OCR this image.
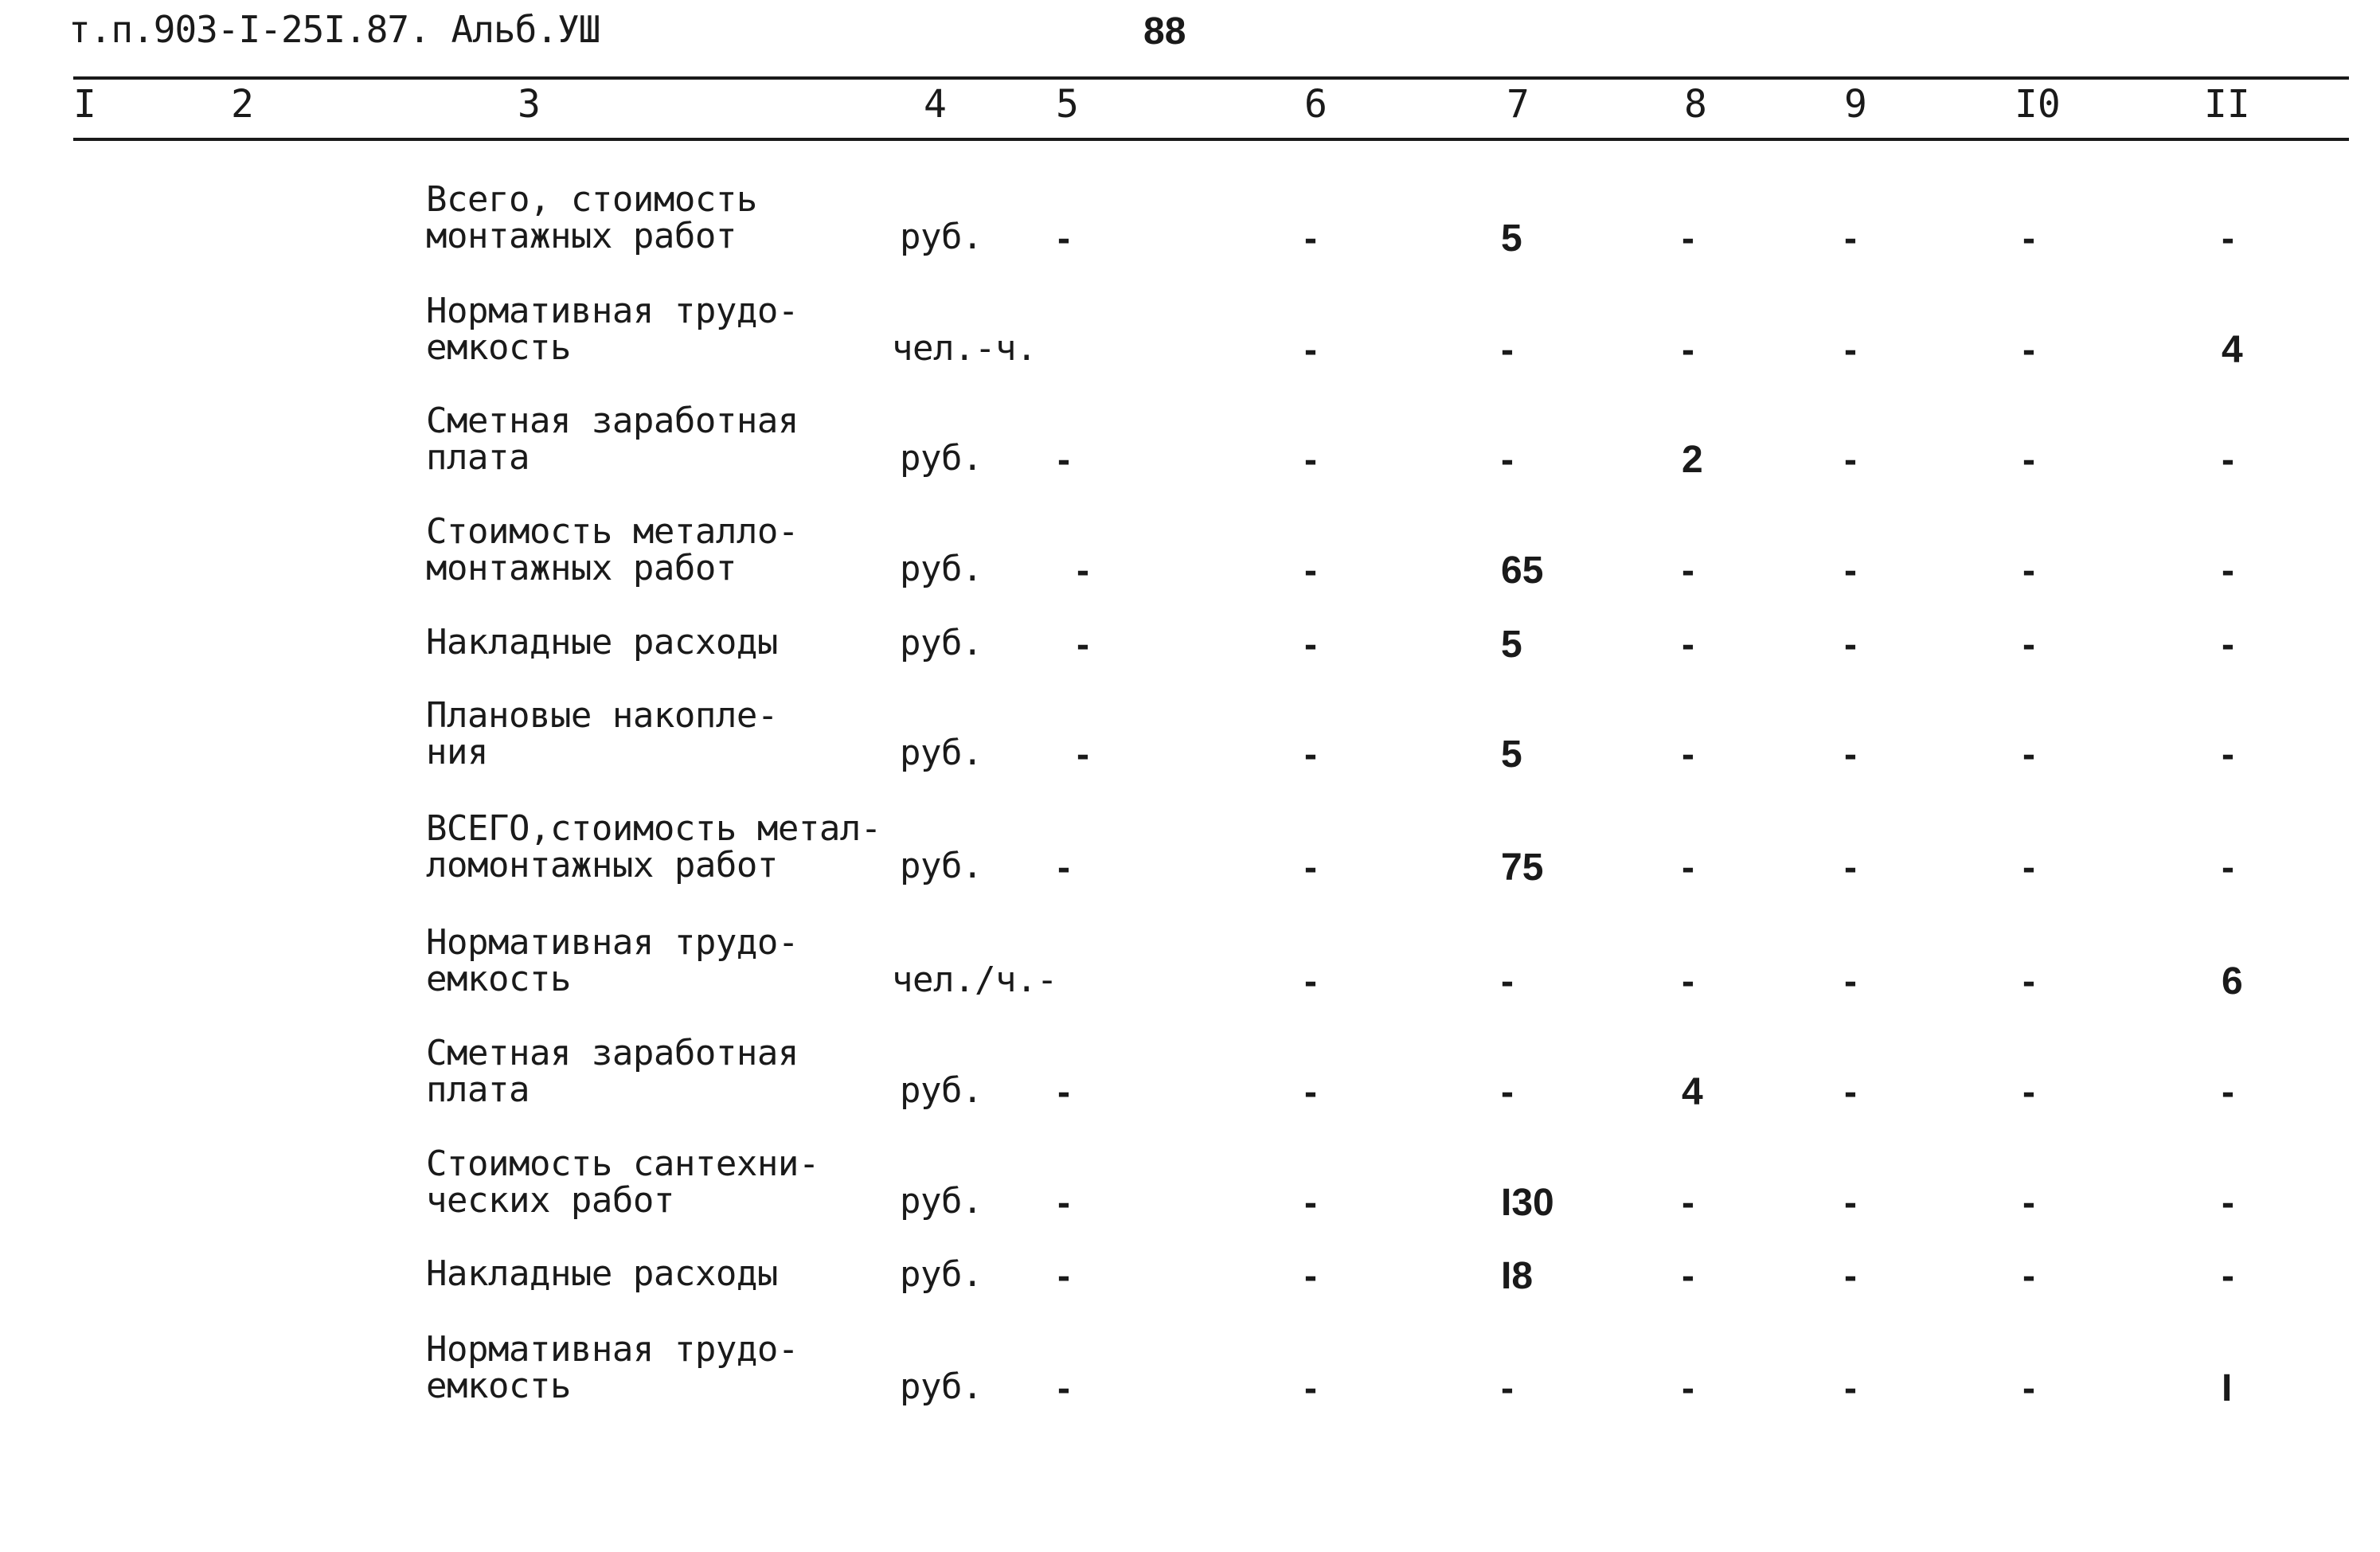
т.п.903-I-25I.87. Альб.УШ	88
I	2	3	4	5	6	7	8	9	I0	II
Всего, стоимость
монтажных работ	руб. -	-	5	-	-	-	-
Нормативная трудо-
емкость	чел.-ч.	-	-	-	-	-	4
Сметная заработная
плата	руб. -	-	-	2	-	-	-
Стоимость металло-
монтажных работ	руб. -	-	65	-	-	-	-
Накладные расходы	руб. -	-	5	-	-	-	-
Плановые накопле-
ния	руб. -	-	5	-	-	-	-
ВСЕГО,стоимость метал-
ломонтажных работ	руб. -	-	75	-	-	-	-
Нормативная трудо-
емкость	чел./ч.-	-	-	-	-	-	6
Сметная заработная
плата	руб. -	-	-	4	-	-	-
Стоимость сантехни-
ческих работ	руб. -	-	I30	-	-	-	-
Накладные расходы	руб. -	-	I8	-	-	-	-
Нормативная трудо-
емкость	руб. -	-	-	-	-	-	I
